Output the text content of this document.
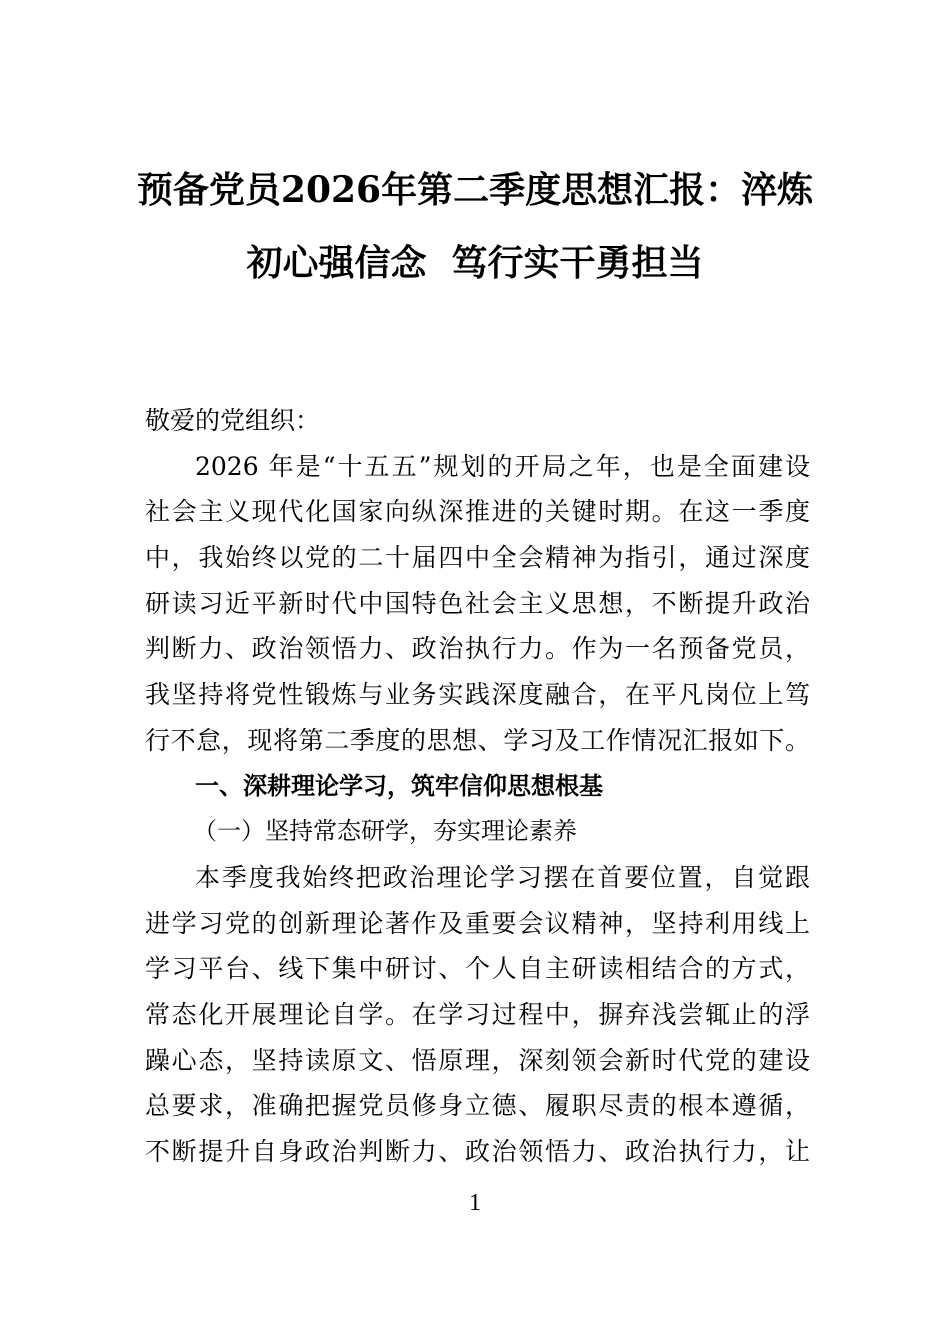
预备党员2026年第二季度思想汇报：淬炼
初心强信念  笃行实干勇担当
敬爱的党组织：
2026 年是“十五五”规划的开局之年，也是全面建设
社会主义现代化国家向纵深推进的关键时期。在这一季度
中，我始终以党的二十届四中全会精神为指引，通过深度
研读习近平新时代中国特色社会主义思想，不断提升政治
判断力、政治领悟力、政治执行力。作为一名预备党员，
我坚持将党性锻炼与业务实践深度融合，在平凡岗位上笃
行不怠，现将第二季度的思想、学习及工作情况汇报如下。
一、深耕理论学习，筑牢信仰思想根基
（一）坚持常态研学，夯实理论素养
本季度我始终把政治理论学习摆在首要位置，自觉跟
进学习党的创新理论著作及重要会议精神，坚持利用线上
学习平台、线下集中研讨、个人自主研读相结合的方式，
常态化开展理论自学。在学习过程中，摒弃浅尝辄止的浮
躁心态，坚持读原文、悟原理，深刻领会新时代党的建设
总要求，准确把握党员修身立德、履职尽责的根本遵循，
不断提升自身政治判断力、政治领悟力、政治执行力，让
1
